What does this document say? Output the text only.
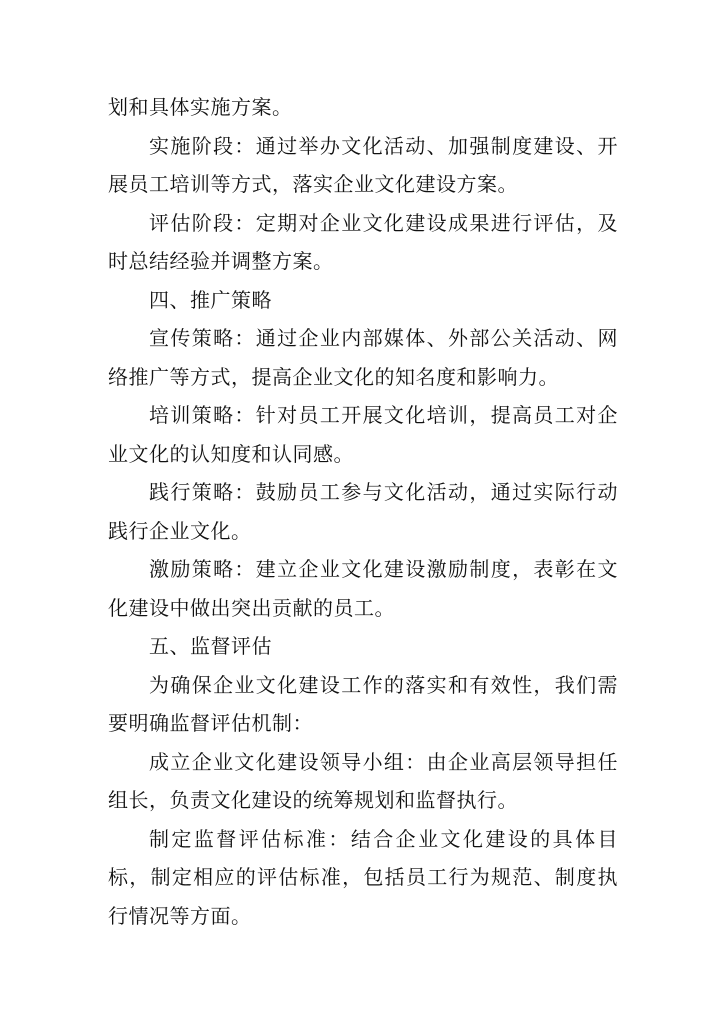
划和具体实施方案。

实施阶段：通过举办文化活动、加强制度建设、开展员工培训等方式，落实企业文化建设方案。

评估阶段：定期对企业文化建设成果进行评估，及时总结经验并调整方案。

四、推广策略

宣传策略：通过企业内部媒体、外部公关活动、网络推广等方式，提高企业文化的知名度和影响力。

培训策略：针对员工开展文化培训，提高员工对企业文化的认知度和认同感。

践行策略：鼓励员工参与文化活动，通过实际行动践行企业文化。

激励策略：建立企业文化建设激励制度，表彰在文化建设中做出突出贡献的员工。

五、监督评估

为确保企业文化建设工作的落实和有效性，我们需要明确监督评估机制：

成立企业文化建设领导小组：由企业高层领导担任组长，负责文化建设的统筹规划和监督执行。

制定监督评估标准：结合企业文化建设的具体目标，制定相应的评估标准，包括员工行为规范、制度执行情况等方面。
